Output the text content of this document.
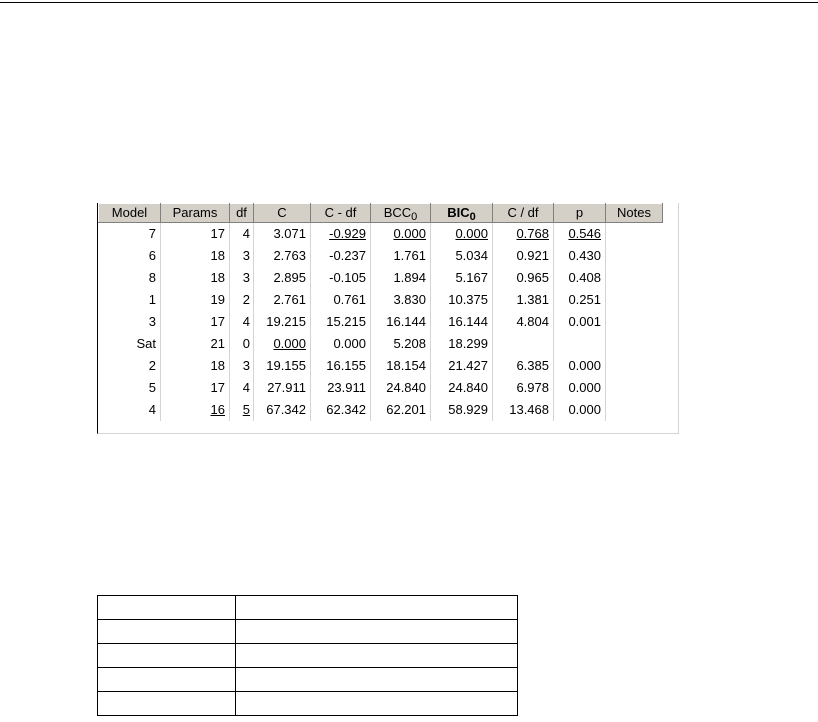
Model	Params	df	C	C - df	$BCC_0$	$BIC_0$	C / df	p	Notes
7	17	4	3.071	-0.929	0.000	0.000	0.768	0.546	
6	18	3	2.763	-0.237	1.761	5.034	0.921	0.430	
8	18	3	2.895	-0.105	1.894	5.167	0.965	0.408	
1	19	2	2.761	0.761	3.830	10.375	1.381	0.251	
3	17	4	19.215	15.215	16.144	16.144	4.804	0.001	
Sat	21	0	0.000	0.000	5.208	18.299			
2	18	3	19.155	16.155	18.154	21.427	6.385	0.000	
5	17	4	27.911	23.911	24.840	24.840	6.978	0.000	
4	16	5	67.342	62.342	62.201	58.929	13.468	0.000	
